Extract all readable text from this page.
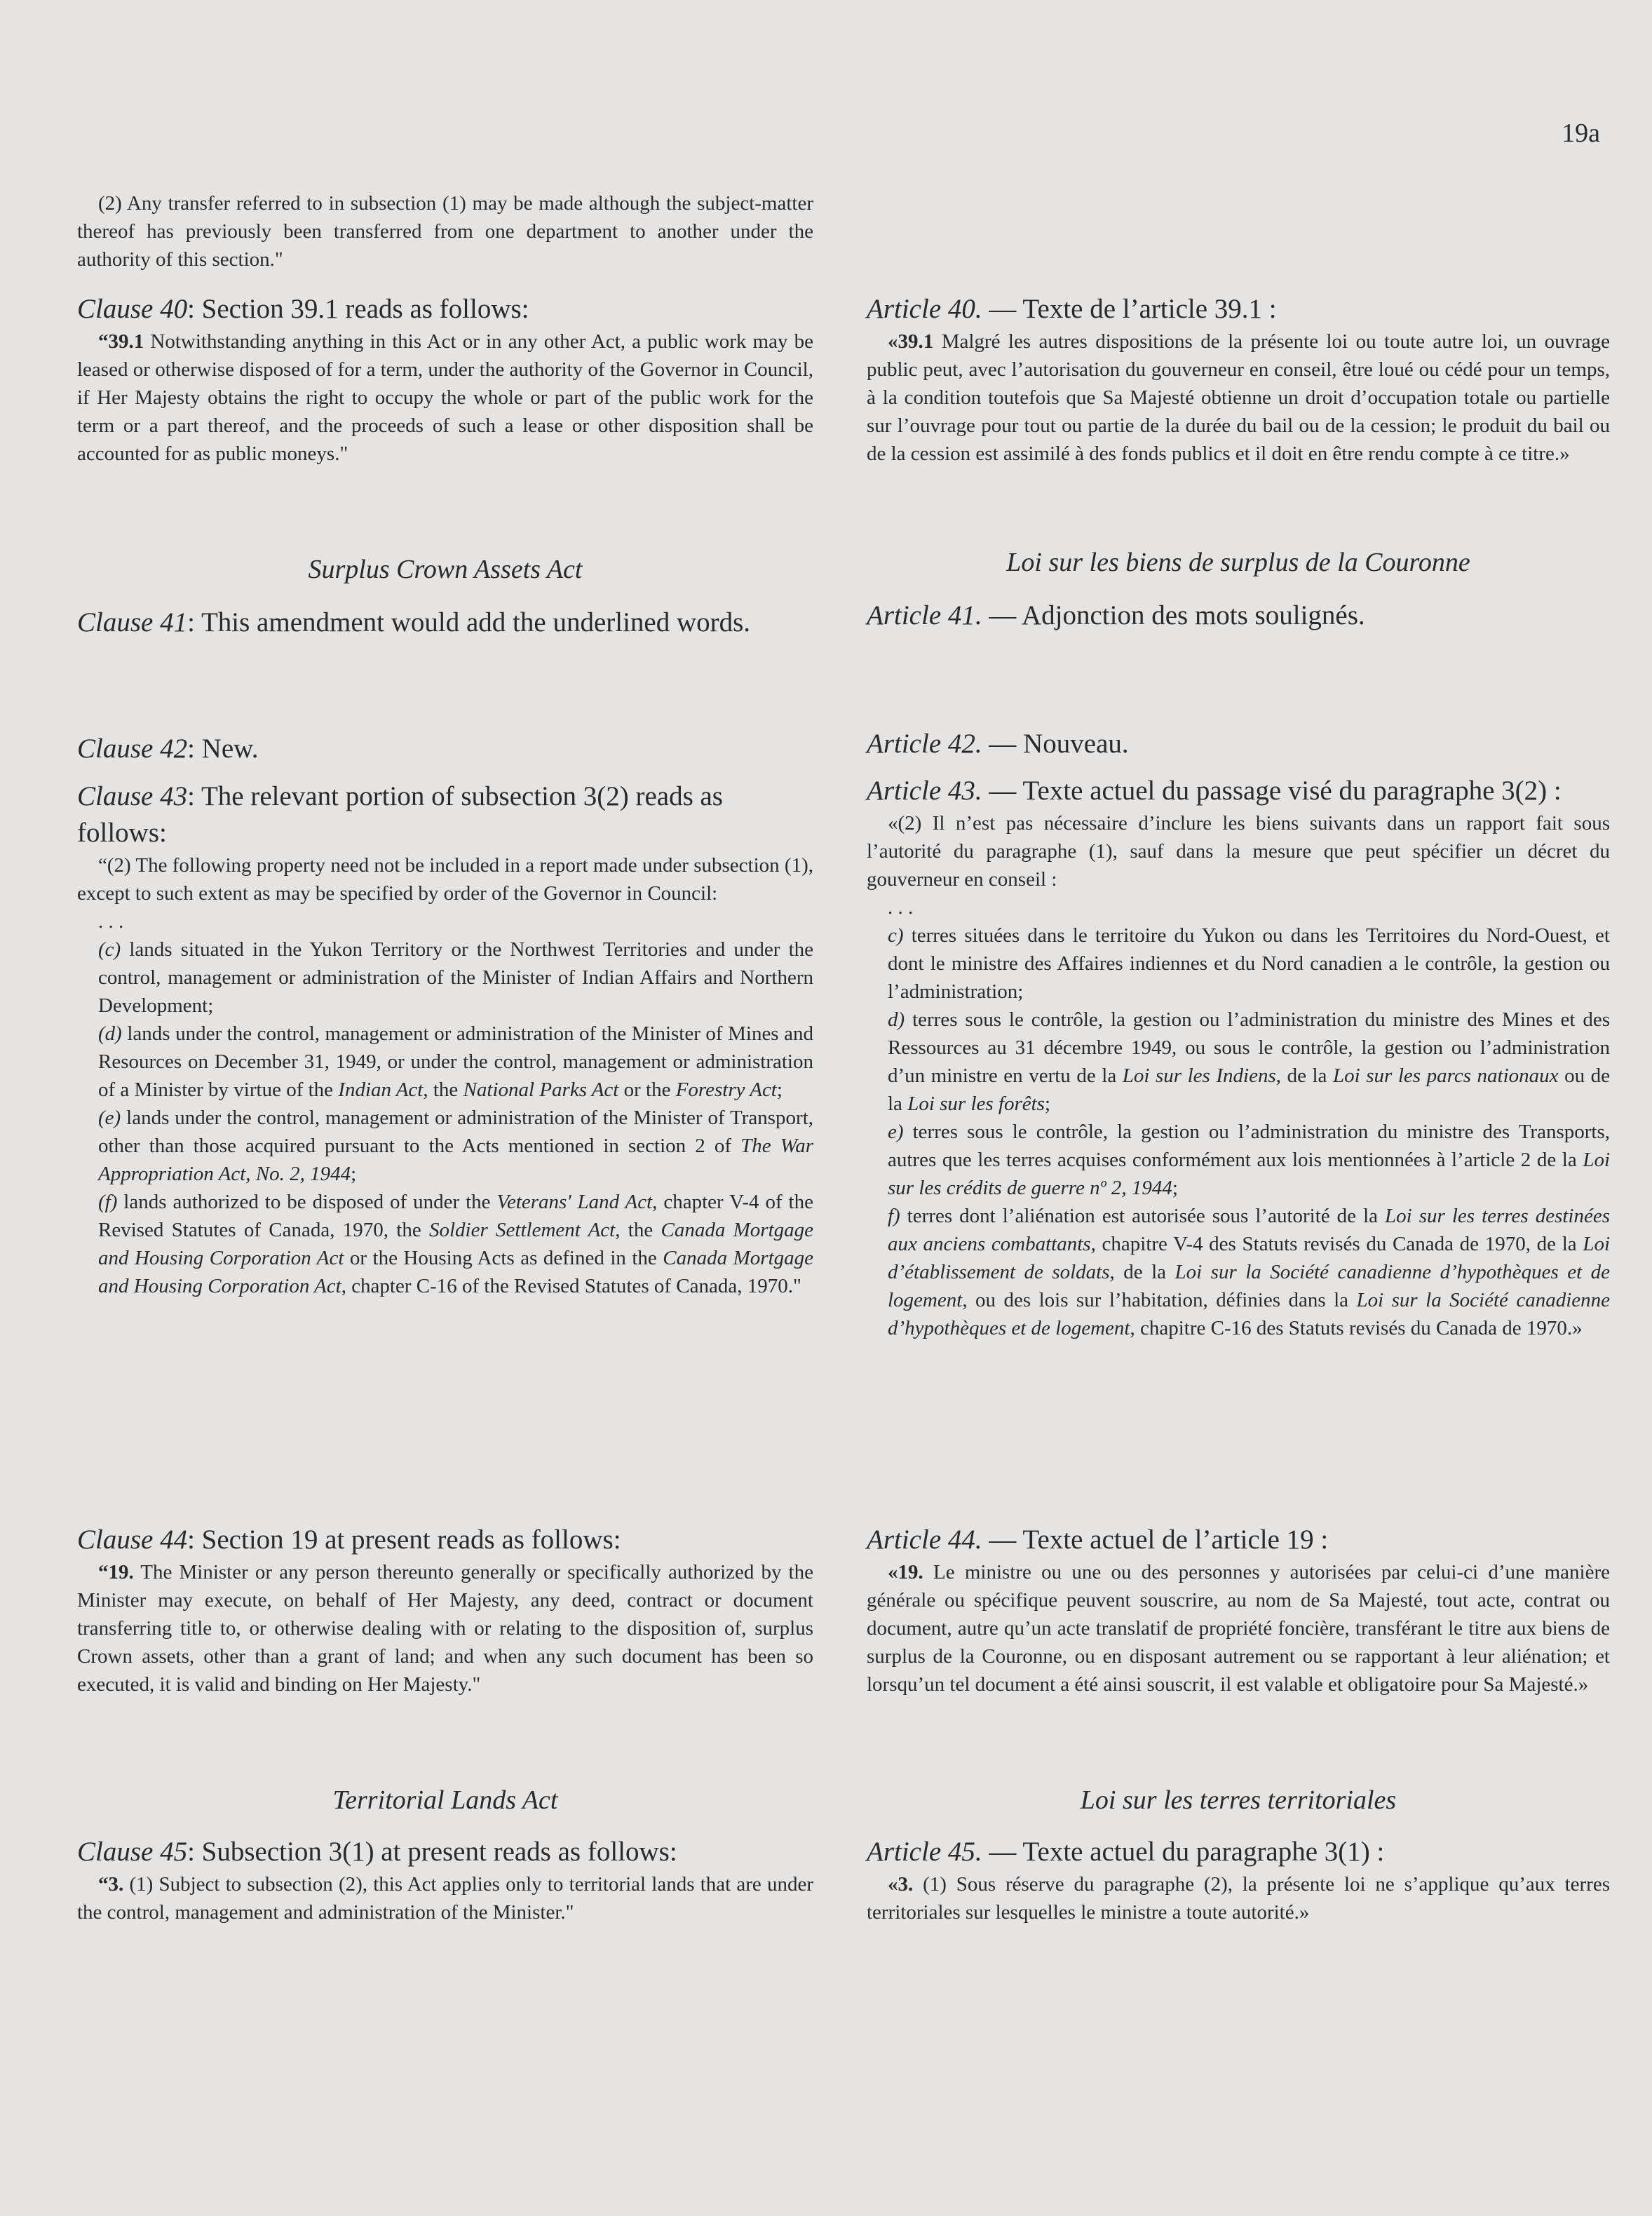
19a

(2) Any transfer referred to in subsection (1) may be made although the subject-matter thereof has previously been transferred from one department to another under the authority of this section."

Clause 40: Section 39.1 reads as follows:

“39.1 Notwithstanding anything in this Act or in any other Act, a public work may be leased or otherwise disposed of for a term, under the authority of the Governor in Council, if Her Majesty obtains the right to occupy the whole or part of the public work for the term or a part thereof, and the proceeds of such a lease or other disposition shall be accounted for as public moneys."

Surplus Crown Assets Act

Clause 41: This amendment would add the underlined words.

Clause 42: New.

Clause 43: The relevant portion of subsection 3(2) reads as follows:

“(2) The following property need not be included in a report made under subsection (1), except to such extent as may be specified by order of the Governor in Council:

. . .

(c) lands situated in the Yukon Territory or the Northwest Territories and under the control, management or administration of the Minister of Indian Affairs and Northern Development;

(d) lands under the control, management or administration of the Minister of Mines and Resources on December 31, 1949, or under the control, management or administration of a Minister by virtue of the Indian Act, the National Parks Act or the Forestry Act;

(e) lands under the control, management or administration of the Minister of Transport, other than those acquired pursuant to the Acts mentioned in section 2 of The War Appropriation Act, No. 2, 1944;

(f) lands authorized to be disposed of under the Veterans' Land Act, chapter V-4 of the Revised Statutes of Canada, 1970, the Soldier Settlement Act, the Canada Mortgage and Housing Corporation Act or the Housing Acts as defined in the Canada Mortgage and Housing Corporation Act, chapter C-16 of the Revised Statutes of Canada, 1970."

Clause 44: Section 19 at present reads as follows:

“19. The Minister or any person thereunto generally or specifically authorized by the Minister may execute, on behalf of Her Majesty, any deed, contract or document transferring title to, or otherwise dealing with or relating to the disposition of, surplus Crown assets, other than a grant of land; and when any such document has been so executed, it is valid and binding on Her Majesty."

Territorial Lands Act

Clause 45: Subsection 3(1) at present reads as follows:

“3. (1) Subject to subsection (2), this Act applies only to territorial lands that are under the control, management and administration of the Minister."

Article 40. — Texte de l’article 39.1 :

«39.1 Malgré les autres dispositions de la présente loi ou toute autre loi, un ouvrage public peut, avec l’autorisation du gouverneur en conseil, être loué ou cédé pour un temps, à la condition toutefois que Sa Majesté obtienne un droit d’occupation totale ou partielle sur l’ouvrage pour tout ou partie de la durée du bail ou de la cession; le produit du bail ou de la cession est assimilé à des fonds publics et il doit en être rendu compte à ce titre.»

Loi sur les biens de surplus de la Couronne

Article 41. — Adjonction des mots soulignés.

Article 42. — Nouveau.

Article 43. — Texte actuel du passage visé du paragraphe 3(2) :

«(2) Il n’est pas nécessaire d’inclure les biens suivants dans un rapport fait sous l’autorité du paragraphe (1), sauf dans la mesure que peut spécifier un décret du gouverneur en conseil :

. . .

c) terres situées dans le territoire du Yukon ou dans les Territoires du Nord-Ouest, et dont le ministre des Affaires indiennes et du Nord canadien a le contrôle, la gestion ou l’administration;

d) terres sous le contrôle, la gestion ou l’administration du ministre des Mines et des Ressources au 31 décembre 1949, ou sous le contrôle, la gestion ou l’administration d’un ministre en vertu de la Loi sur les Indiens, de la Loi sur les parcs nationaux ou de la Loi sur les forêts;

e) terres sous le contrôle, la gestion ou l’administration du ministre des Transports, autres que les terres acquises conformément aux lois mentionnées à l’article 2 de la Loi sur les crédits de guerre nº 2, 1944;

f) terres dont l’aliénation est autorisée sous l’autorité de la Loi sur les terres destinées aux anciens combattants, chapitre V-4 des Statuts revisés du Canada de 1970, de la Loi d’établissement de soldats, de la Loi sur la Société canadienne d’hypothèques et de logement, ou des lois sur l’habitation, définies dans la Loi sur la Société canadienne d’hypothèques et de logement, chapitre C-16 des Statuts revisés du Canada de 1970.»

Article 44. — Texte actuel de l’article 19 :

«19. Le ministre ou une ou des personnes y autorisées par celui-ci d’une manière générale ou spécifique peuvent souscrire, au nom de Sa Majesté, tout acte, contrat ou document, autre qu’un acte translatif de propriété foncière, transférant le titre aux biens de surplus de la Couronne, ou en disposant autrement ou se rapportant à leur aliénation; et lorsqu’un tel document a été ainsi souscrit, il est valable et obligatoire pour Sa Majesté.»

Loi sur les terres territoriales

Article 45. — Texte actuel du paragraphe 3(1) :

«3. (1) Sous réserve du paragraphe (2), la présente loi ne s’applique qu’aux terres territoriales sur lesquelles le ministre a toute autorité.»
